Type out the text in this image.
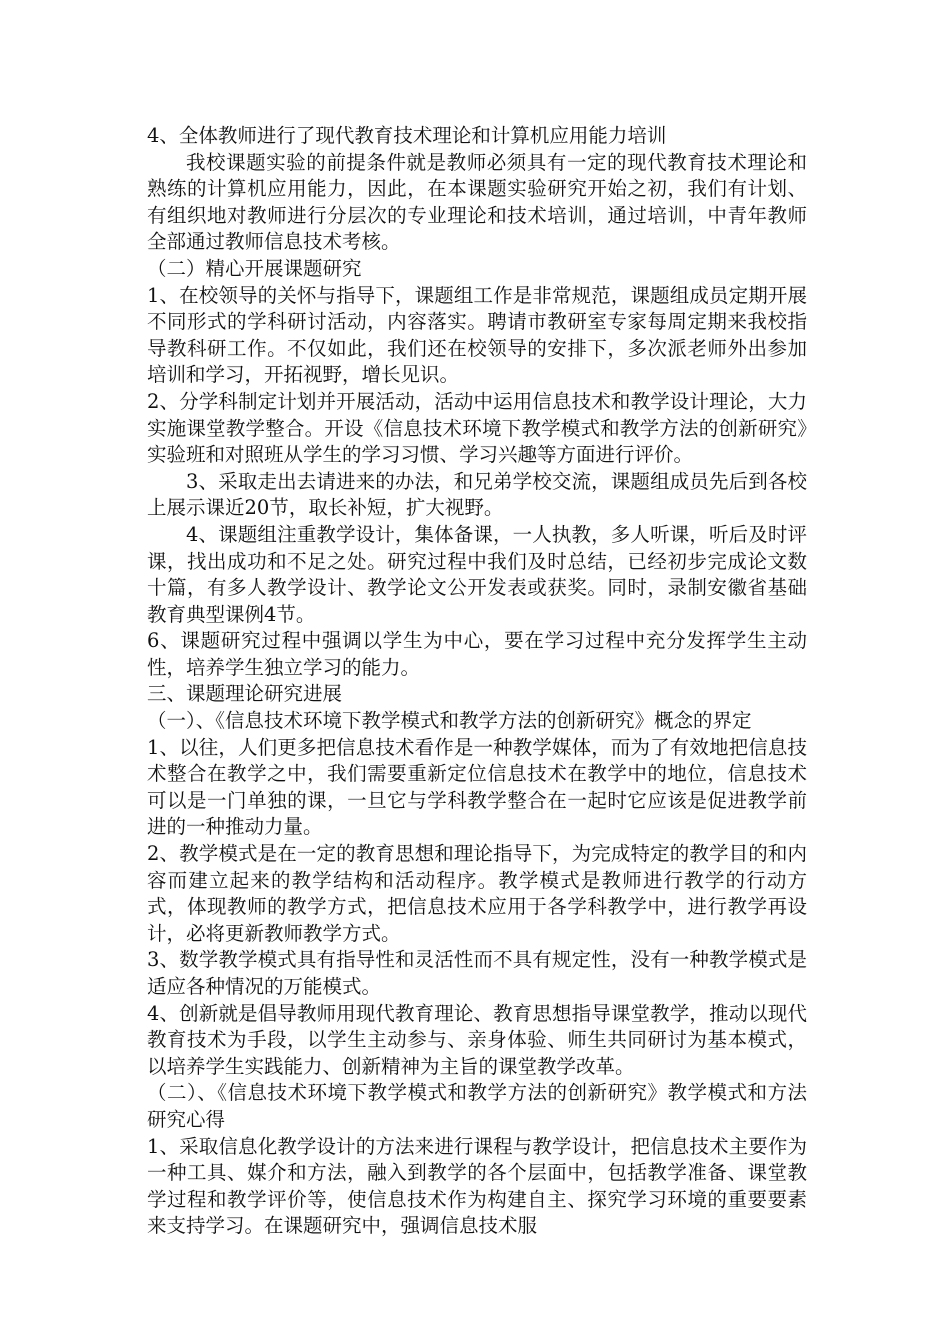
4、全体教师进行了现代教育技术理论和计算机应用能力培训

我校课题实验的前提条件就是教师必须具有一定的现代教育技术理论和熟练的计算机应用能力，因此，在本课题实验研究开始之初，我们有计划、有组织地对教师进行分层次的专业理论和技术培训，通过培训，中青年教师全部通过教师信息技术考核。

（二）精心开展课题研究

1、在校领导的关怀与指导下，课题组工作是非常规范，课题组成员定期开展不同形式的学科研讨活动，内容落实。聘请市教研室专家每周定期来我校指导教科研工作。不仅如此，我们还在校领导的安排下，多次派老师外出参加培训和学习，开拓视野，增长见识。

2、分学科制定计划并开展活动，活动中运用信息技术和教学设计理论，大力实施课堂教学整合。开设《信息技术环境下教学模式和教学方法的创新研究》实验班和对照班从学生的学习习惯、学习兴趣等方面进行评价。

3、采取走出去请进来的办法，和兄弟学校交流，课题组成员先后到各校上展示课近20节，取长补短，扩大视野。

4、课题组注重教学设计，集体备课，一人执教，多人听课，听后及时评课，找出成功和不足之处。研究过程中我们及时总结，已经初步完成论文数十篇，有多人教学设计、教学论文公开发表或获奖。同时，录制安徽省基础教育典型课例4节。

6、课题研究过程中强调以学生为中心，要在学习过程中充分发挥学生主动性，培养学生独立学习的能力。

三、课题理论研究进展

（一）、《信息技术环境下教学模式和教学方法的创新研究》概念的界定

1、以往，人们更多把信息技术看作是一种教学媒体，而为了有效地把信息技术整合在教学之中，我们需要重新定位信息技术在教学中的地位，信息技术可以是一门单独的课，一旦它与学科教学整合在一起时它应该是促进教学前进的一种推动力量。

2、教学模式是在一定的教育思想和理论指导下，为完成特定的教学目的和内容而建立起来的教学结构和活动程序。教学模式是教师进行教学的行动方式，体现教师的教学方式，把信息技术应用于各学科教学中，进行教学再设计，必将更新教师教学方式。

3、数学教学模式具有指导性和灵活性而不具有规定性，没有一种教学模式是适应各种情况的万能模式。

4、创新就是倡导教师用现代教育理论、教育思想指导课堂教学，推动以现代教育技术为手段，以学生主动参与、亲身体验、师生共同研讨为基本模式，以培养学生实践能力、创新精神为主旨的课堂教学改革。

（二）、《信息技术环境下教学模式和教学方法的创新研究》教学模式和方法研究心得

1、采取信息化教学设计的方法来进行课程与教学设计，把信息技术主要作为一种工具、媒介和方法，融入到教学的各个层面中，包括教学准备、课堂教学过程和教学评价等，使信息技术作为构建自主、探究学习环境的重要要素来支持学习。在课题研究中，强调信息技术服
